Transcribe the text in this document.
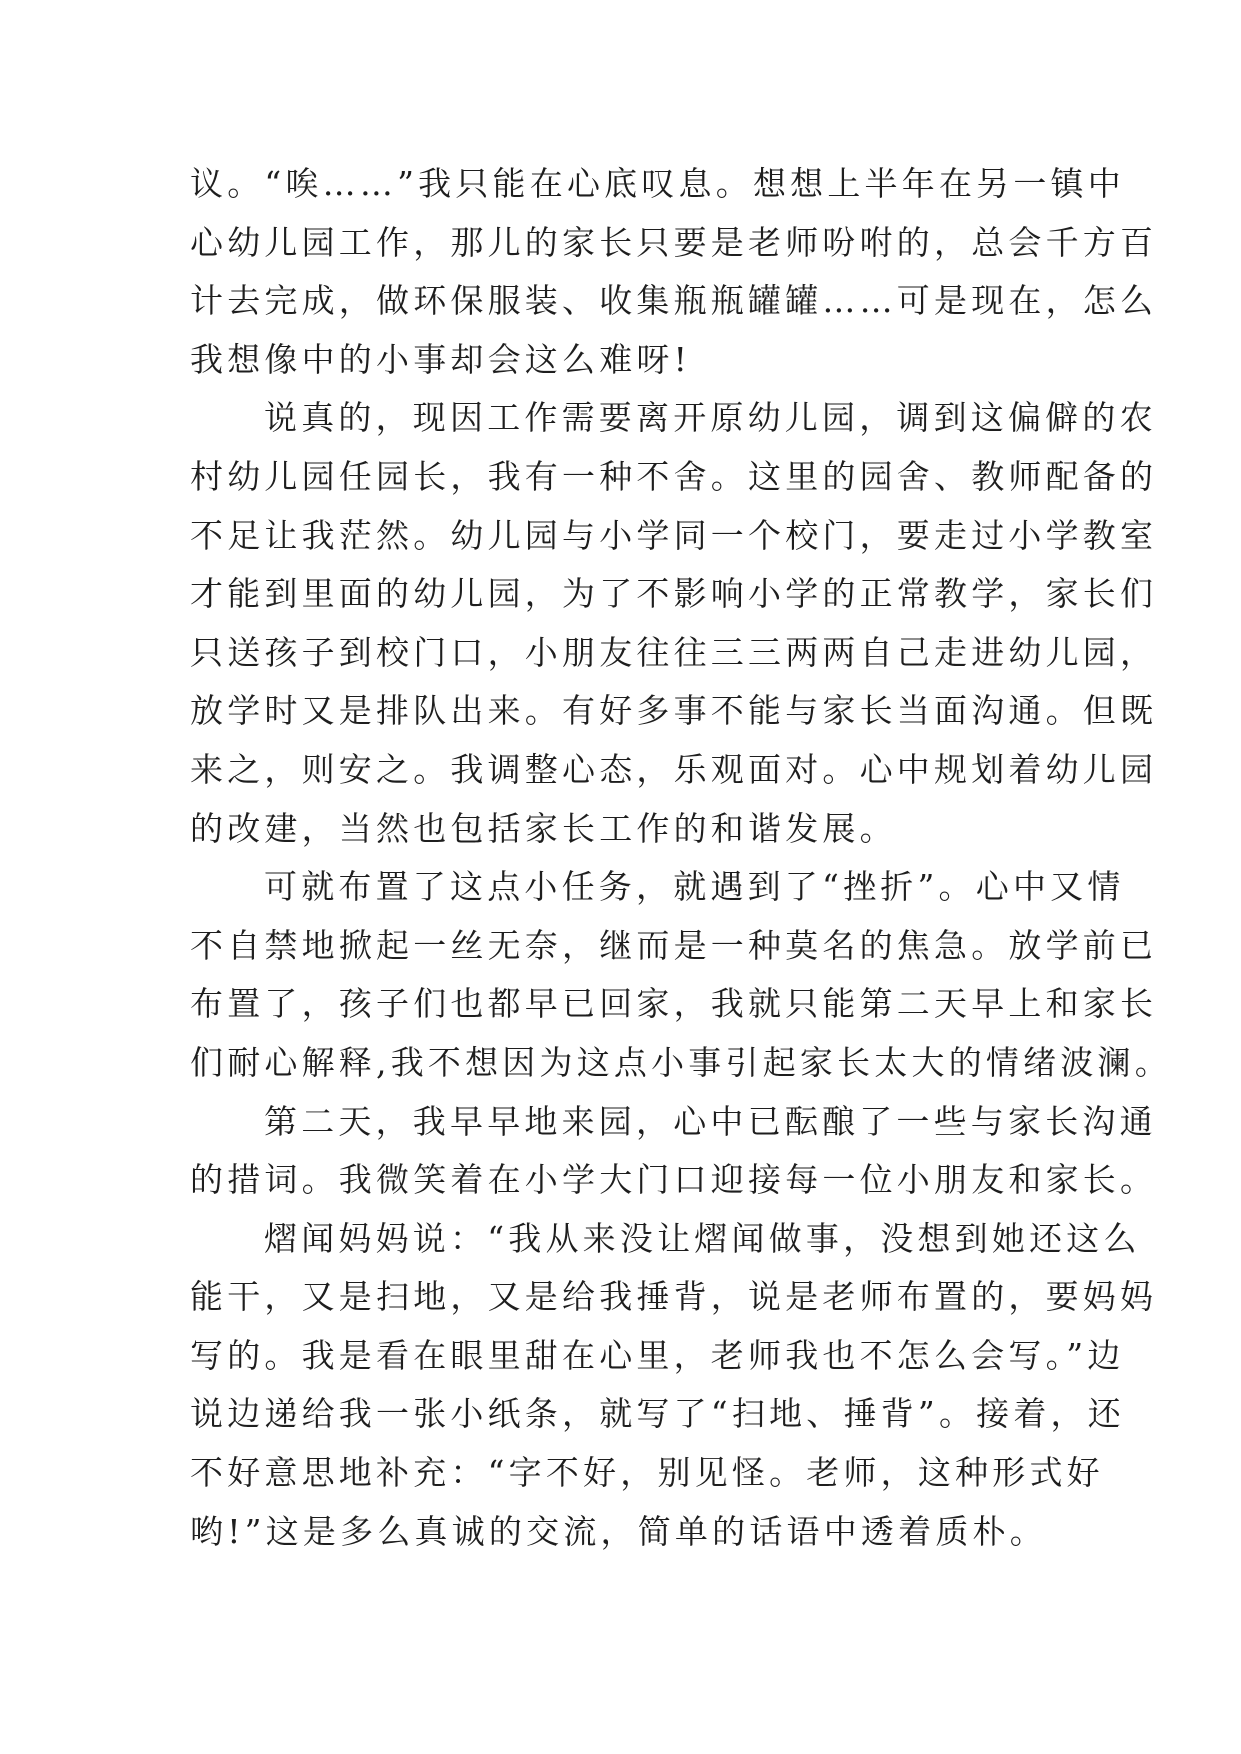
议。“唉……”我只能在心底叹息。想想上半年在另一镇中
心幼儿园工作，那儿的家长只要是老师吩咐的，总会千方百
计去完成，做环保服装、收集瓶瓶罐罐……可是现在，怎么
我想像中的小事却会这么难呀!
说真的，现因工作需要离开原幼儿园，调到这偏僻的农
村幼儿园任园长，我有一种不舍。这里的园舍、教师配备的
不足让我茫然。幼儿园与小学同一个校门，要走过小学教室
才能到里面的幼儿园，为了不影响小学的正常教学，家长们
只送孩子到校门口，小朋友往往三三两两自己走进幼儿园，
放学时又是排队出来。有好多事不能与家长当面沟通。但既
来之，则安之。我调整心态，乐观面对。心中规划着幼儿园
的改建，当然也包括家长工作的和谐发展。
可就布置了这点小任务，就遇到了“挫折”。心中又情
不自禁地掀起一丝无奈，继而是一种莫名的焦急。放学前已
布置了，孩子们也都早已回家，我就只能第二天早上和家长
们耐心解释,我不想因为这点小事引起家长太大的情绪波澜。
第二天，我早早地来园，心中已酝酿了一些与家长沟通
的措词。我微笑着在小学大门口迎接每一位小朋友和家长。
熠闻妈妈说：“我从来没让熠闻做事，没想到她还这么
能干，又是扫地，又是给我捶背，说是老师布置的，要妈妈
写的。我是看在眼里甜在心里，老师我也不怎么会写。”边
说边递给我一张小纸条，就写了“扫地、捶背”。接着，还
不好意思地补充：“字不好，别见怪。老师，这种形式好
哟!”这是多么真诚的交流，简单的话语中透着质朴。
